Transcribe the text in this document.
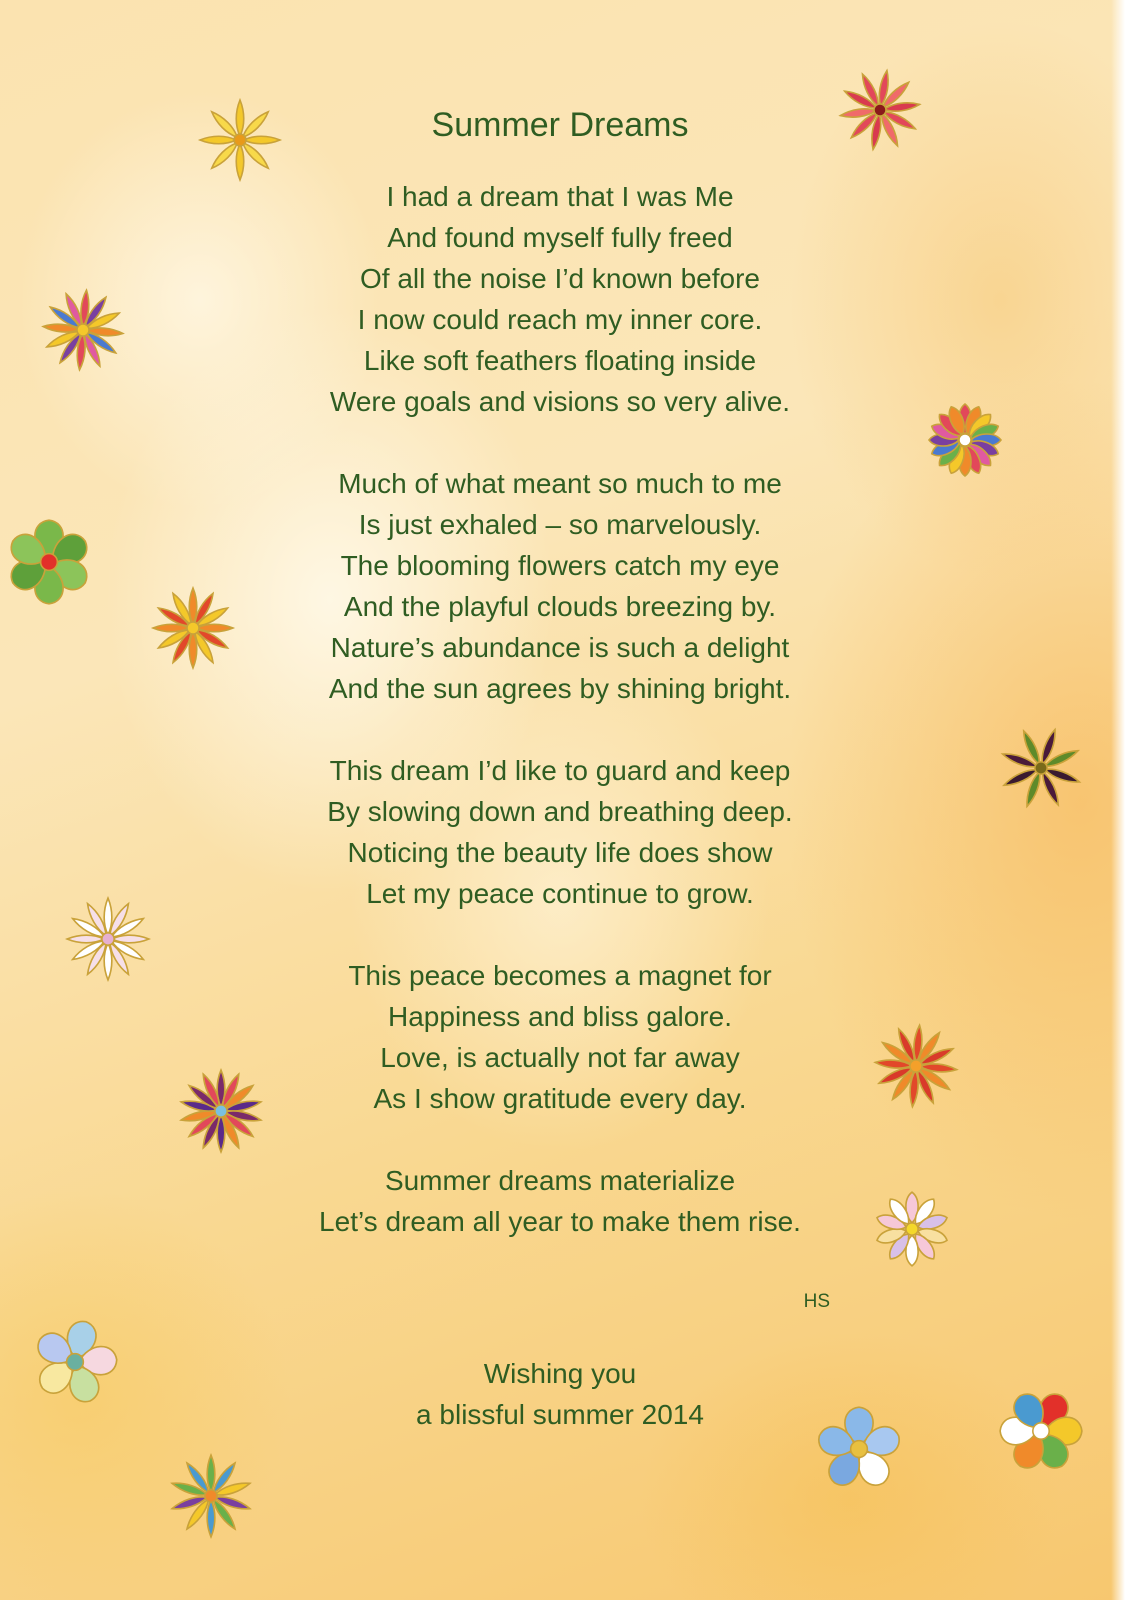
Summer Dreams
I had a dream that I was Me
And found myself fully freed
Of all the noise I’d known before
I now could reach my inner core.
Like soft feathers floating inside
Were goals and visions so very alive.
Much of what meant so much to me
Is just exhaled – so marvelously.
The blooming flowers catch my eye
And the playful clouds breezing by.
Nature’s abundance is such a delight
And the sun agrees by shining bright.
This dream I’d like to guard and keep
By slowing down and breathing deep.
Noticing the beauty life does show
Let my peace continue to grow.
This peace becomes a magnet for
Happiness and bliss galore.
Love, is actually not far away
As I show gratitude every day.
Summer dreams materialize
Let’s dream all year to make them rise.
HS
Wishing you
a blissful summer 2014
